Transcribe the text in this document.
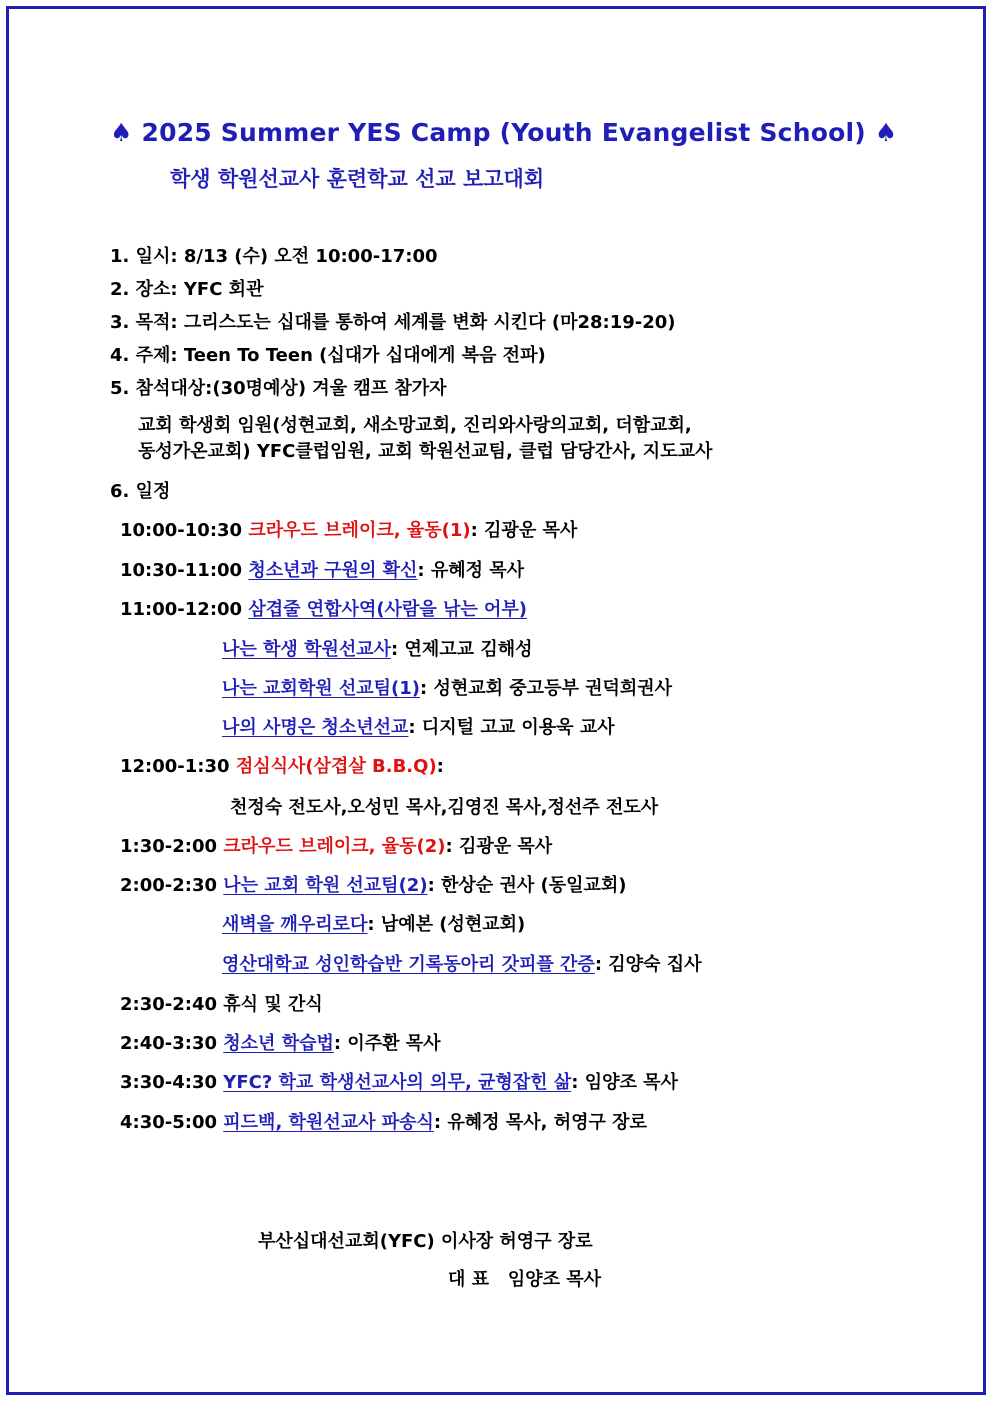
♠ 2025 Summer YES Camp (Youth Evangelist School) ♠
학생 학원선교사 훈련학교 선교 보고대회
1. 일시: 8/13 (수) 오전 10:00-17:00
2. 장소: YFC 회관
3. 목적: 그리스도는 십대를 통하여 세계를 변화 시킨다 (마28:19-20)
4. 주제: Teen To Teen (십대가 십대에게 복음 전파)
5. 참석대상:(30명예상) 겨울 캠프 참가자
교회 학생회 임원(성현교회, 새소망교회, 진리와사랑의교회, 더함교회,
동성가온교회) YFC클럽임원, 교회 학원선교팀, 클럽 담당간사, 지도교사
6. 일정
10:00-10:30 크라우드 브레이크, 율동(1): 김광운 목사
10:30-11:00 청소년과 구원의 확신: 유혜정 목사
11:00-12:00 삼겹줄 연합사역(사람을 낚는 어부)
나는 학생 학원선교사: 연제고교 김해성
나는 교회학원 선교팀(1): 성현교회 중고등부 권덕희권사
나의 사명은 청소년선교: 디지털 고교 이용욱 교사
12:00-1:30 점심식사(삼겹살 B.B.Q):
천정숙 전도사,오성민 목사,김영진 목사,정선주 전도사
1:30-2:00 크라우드 브레이크, 율동(2): 김광운 목사
2:00-2:30 나는 교회 학원 선교팀(2): 한상순 권사 (동일교회)
새벽을 깨우리로다: 남예본 (성현교회)
영산대학교 성인학습반 기록동아리 갓피플 간증: 김양숙 집사
2:30-2:40 휴식 및 간식
2:40-3:30 청소년 학습법: 이주환 목사
3:30-4:30 YFC? 학교 학생선교사의 의무, 균형잡힌 삶: 임양조 목사
4:30-5:00 피드백, 학원선교사 파송식: 유혜정 목사, 허영구 장로
부산십대선교회(YFC) 이사장 허영구 장로
대 표   임양조 목사
